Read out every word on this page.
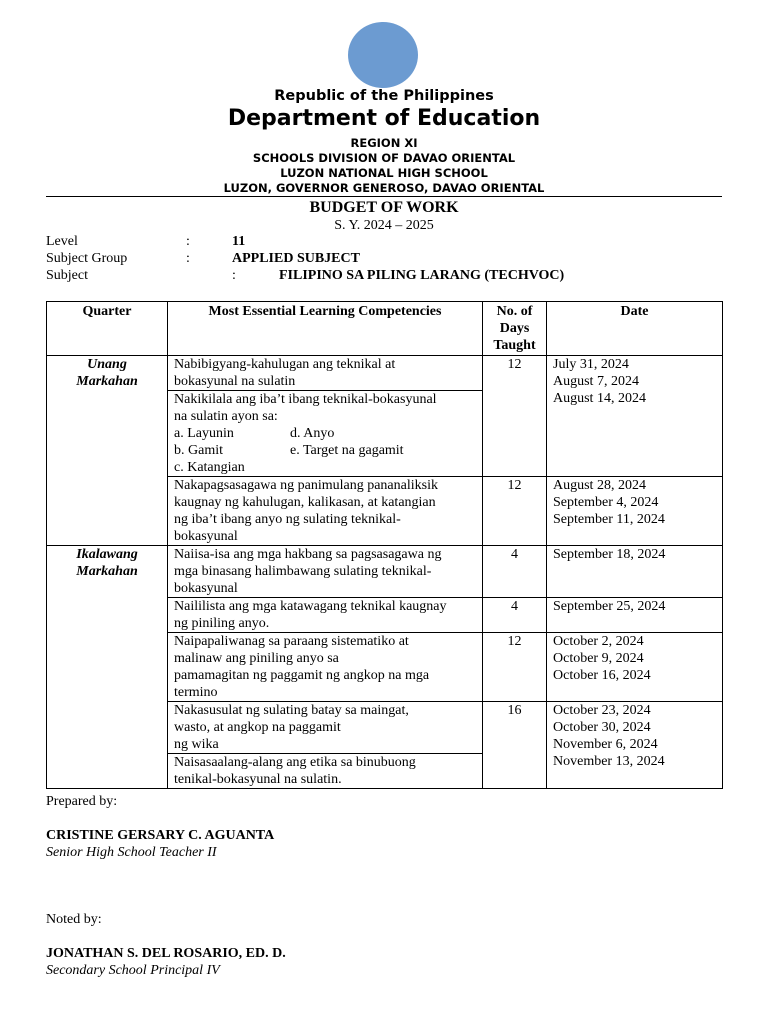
Republic of the Philippines
Department of Education
REGION XI
SCHOOLS DIVISION OF DAVAO ORIENTAL
LUZON NATIONAL HIGH SCHOOL
LUZON, GOVERNOR GENEROSO, DAVAO ORIENTAL
BUDGET OF WORK
S. Y. 2024 – 2025
Level	:	11
Subject Group	:	APPLIED SUBJECT
Subject	:	FILIPINO SA PILING LARANG (TECHVOC)
Quarter	Most Essential Learning Competencies	No. of
Days
Taught	Date

Unang
Markahan	Nabibigyang-kahulugan ang teknikal at
bokasyunal na sulatin	12	July 31, 2024
August 7, 2024
August 14, 2024

	Nakikilala ang iba’t ibang teknikal-bokasyunal
na sulatin ayon sa:
a. Layunin d. Anyo
b. Gamit e. Target na gagamit
c. Katangian		

	Nakapagsasagawa ng panimulang pananaliksik
kaugnay ng kahulugan, kalikasan, at katangian
ng iba’t ibang anyo ng sulating teknikal-
bokasyunal	12	August 28, 2024
September 4, 2024
September 11, 2024

Ikalawang
Markahan	Naiisa-isa ang mga hakbang sa pagsasagawa ng
mga binasang halimbawang sulating teknikal-
bokasyunal	4	September 18, 2024

	Naililista ang mga katawagang teknikal kaugnay
ng piniling anyo.	4	September 25, 2024

	Naipapaliwanag sa paraang sistematiko at
malinaw ang piniling anyo sa
pamamagitan ng paggamit ng angkop na mga
termino	12	October 2, 2024
October 9, 2024
October 16, 2024

	Nakasusulat ng sulating batay sa maingat,
wasto, at angkop na paggamit
ng wika	16	October 23, 2024
October 30, 2024
November 6, 2024
November 13, 2024

	Naisasaalang-alang ang etika sa binubuong
tenikal-bokasyunal na sulatin.		
Prepared by:
CRISTINE GERSARY C. AGUANTA
Senior High School Teacher II
Noted by:
JONATHAN S. DEL ROSARIO, ED. D.
Secondary School Principal IV
